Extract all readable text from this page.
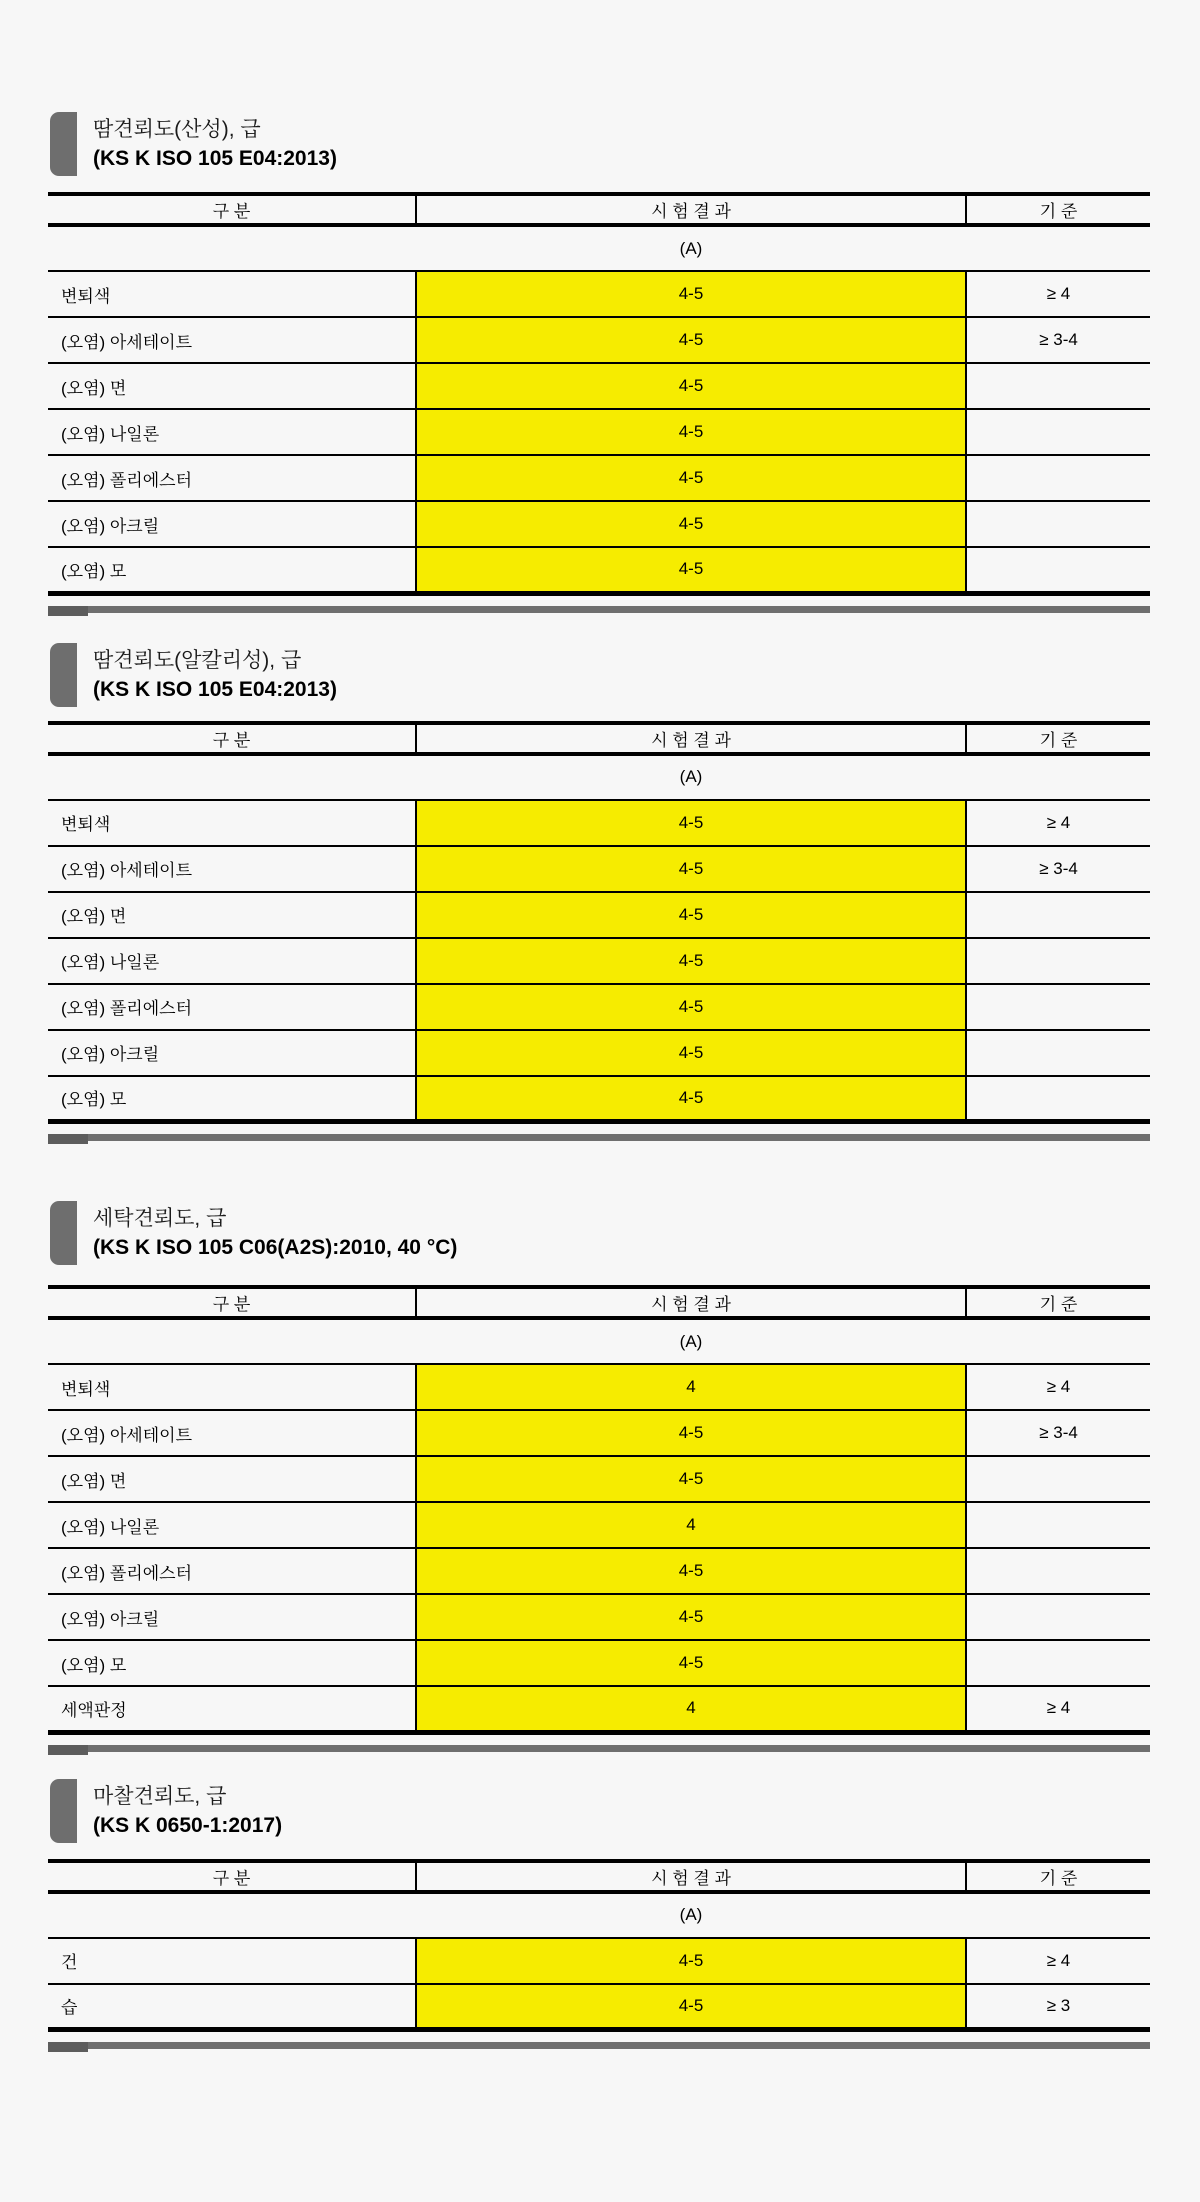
땀견뢰도(산성), 급
(KS K ISO 105 E04:2013)
구 분	시 험 결 과	기 준
	(A)	
변퇴색	4-5	≥ 4
(오염) 아세테이트	4-5	≥ 3-4
(오염) 면	4-5	
(오염) 나일론	4-5	
(오염) 폴리에스터	4-5	
(오염) 아크릴	4-5	
(오염) 모	4-5	
땀견뢰도(알칼리성), 급
(KS K ISO 105 E04:2013)
구 분	시 험 결 과	기 준
	(A)	
변퇴색	4-5	≥ 4
(오염) 아세테이트	4-5	≥ 3-4
(오염) 면	4-5	
(오염) 나일론	4-5	
(오염) 폴리에스터	4-5	
(오염) 아크릴	4-5	
(오염) 모	4-5	
세탁견뢰도, 급
(KS K ISO 105 C06(A2S):2010, 40 °C)
구 분	시 험 결 과	기 준
	(A)	
변퇴색	4	≥ 4
(오염) 아세테이트	4-5	≥ 3-4
(오염) 면	4-5	
(오염) 나일론	4	
(오염) 폴리에스터	4-5	
(오염) 아크릴	4-5	
(오염) 모	4-5	
세액판정	4	≥ 4
마찰견뢰도, 급
(KS K 0650-1:2017)
구 분	시 험 결 과	기 준
	(A)	
건	4-5	≥ 4
습	4-5	≥ 3
